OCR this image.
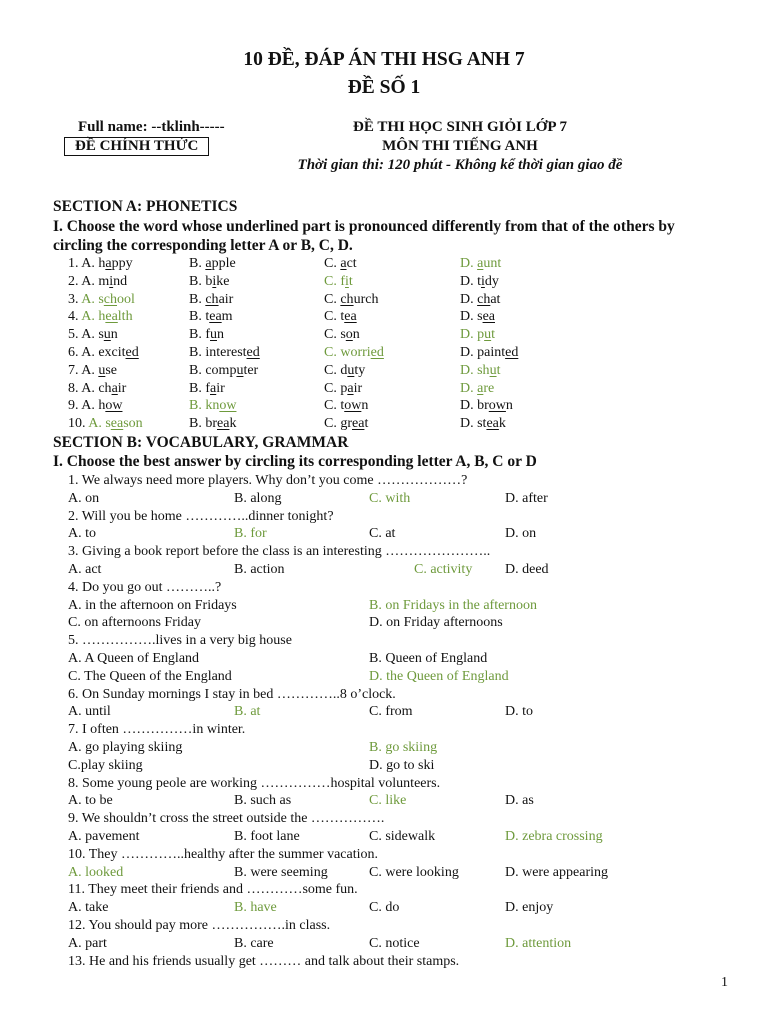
10 ĐỀ, ĐÁP ÁN THI HSG ANH 7
ĐỀ SỐ 1
Full name: --tklinh-----
ĐỀ CHÍNH THỨC
ĐỀ THI HỌC SINH GIỎI LỚP 7
MÔN THI TIẾNG ANH
Thời gian thi: 120 phút - Không kể thời gian giao đề
SECTION A: PHONETICS
I. Choose the word whose underlined part is pronounced differently from that of the others by
circling the corresponding letter A or B, C, D.
1. A. happy	B. apple	C. act	D. aunt
2. A. mind	B. bike	C. fit	D. tidy
3. A. school	B. chair	C. church	D. chat
4. A. health	B. team	C. tea	D. sea
5. A. sun	B. fun	C. son	D. put
6. A. excited	B. interested	C. worried	D. painted
7. A. use	B. computer	C. duty	D. shut
8. A. chair	B. fair	C. pair	D. are
9. A. how	B. know	C. town	D. brown
10. A. season	B. break	C. great	D. steak
SECTION B: VOCABULARY, GRAMMAR
I. Choose the best answer by circling its corresponding letter A, B, C or D
1. We always need more players. Why don’t you come ………………?
A. on	B. along	C. with	D. after
2. Will you be home …………..dinner tonight?
A. to	B. for	C. at	D. on
3. Giving a book report before the class is an interesting …………………..
A. act	B. action	C. activity D. deed
4. Do you go out ………..?
A. in the afternoon on Fridays	B. on Fridays in the afternoon
C. on afternoons Friday	D. on Friday afternoons
5. …………….lives in a very big house
A. A Queen of England	B. Queen of England
C. The Queen of the England	D. the Queen of England
6. On Sunday mornings I stay in bed …………..8 o’clock.
A. until	B. at	C. from	D. to
7. I often ……………in winter.
A. go playing skiing	B. go skiing
C.play skiing	D. go to ski
8. Some young peole are working ……………hospital volunteers.
A. to be	B. such as	C. like	D. as
9. We shouldn’t cross the street outside the …………….
A. pavement	B. foot lane	C. sidewalk	D. zebra crossing
10. They …………..healthy after the summer vacation.
A. looked	B. were seeming	C. were looking	D. were appearing
11. They meet their friends and …………some fun.
A. take	B. have	C. do	D. enjoy
12. You should pay more …………….in class.
A. part	B. care	C. notice	D. attention
13. He and his friends usually get ……… and talk about their stamps.
1
